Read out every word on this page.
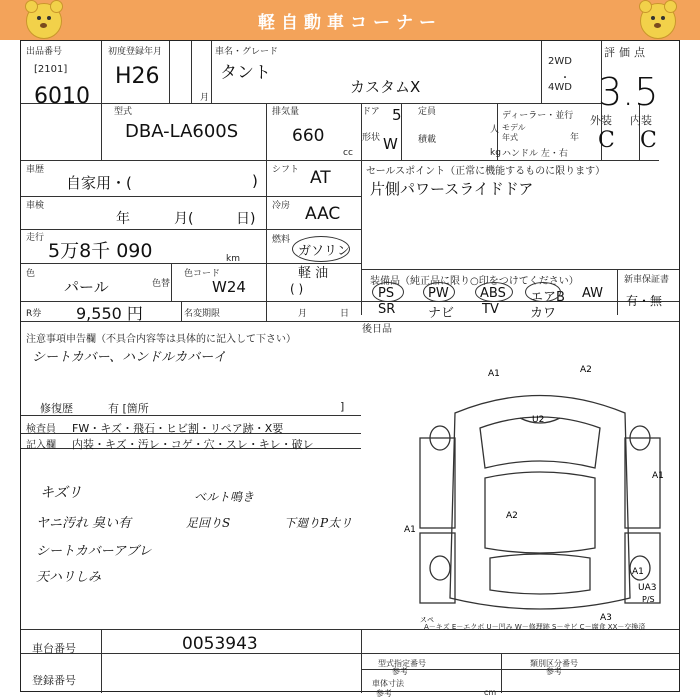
軽自動車コーナー
出品番号
[2101]
6010
初度登録年月
H26
月
車名・グレード
タント
カスタムX
2WD
・
4WD
評価点
3.5
外装 内装
C C
型式
DBA-LA600S
排気量
660
cc
ドア 5
形状 W
定員
人
積載
kg
ディーラー・並行
モデル
年式	年
ハンドル 左・右
車歴
自家用・(	)
シフト AT
車検
年	月(	日)
冷房 AAC
走行
5万8千 090	km
燃料
ガソリン
軽 油
( )
色
パール	色替
色コード
W24
R券 9,550 円	名変期限	月	日
セールスポイント（正常に機能するものに限ります）
片側パワースライドドア
装備品（純正品に限り○印をつけてください）	新車保証書
有・無
PS	PW ABS エアB AW
SR	ナビ TV カワ
後日品
注意事項申告欄（不具合内容等は具体的に記入して下さい）
シートカバー、ハンドルカバーイ
修復歴	有 [箇所	]
検査員
記入欄
FW・キズ・飛石・ヒビ割・リペア跡・X要
内装・キズ・汚レ・コゲ・穴・スレ・キレ・破レ
キズリ
ヤニ汚れ 臭い有
シートカバーアブレ
天ハリしみ
ベルト鳴き
足回りS	下廻りP太リ
A1	A2
U2
A1
A1
A2
A1
UA3
P/S
A3
スペ
A－キズ E－エクボ U－凹み W－修理跡 S－サビ C－腐食 XX－交換済
車台番号	0053943
登録番号
型式指定番号
参考
類別区分番号
参考
車体寸法
参考	cm
